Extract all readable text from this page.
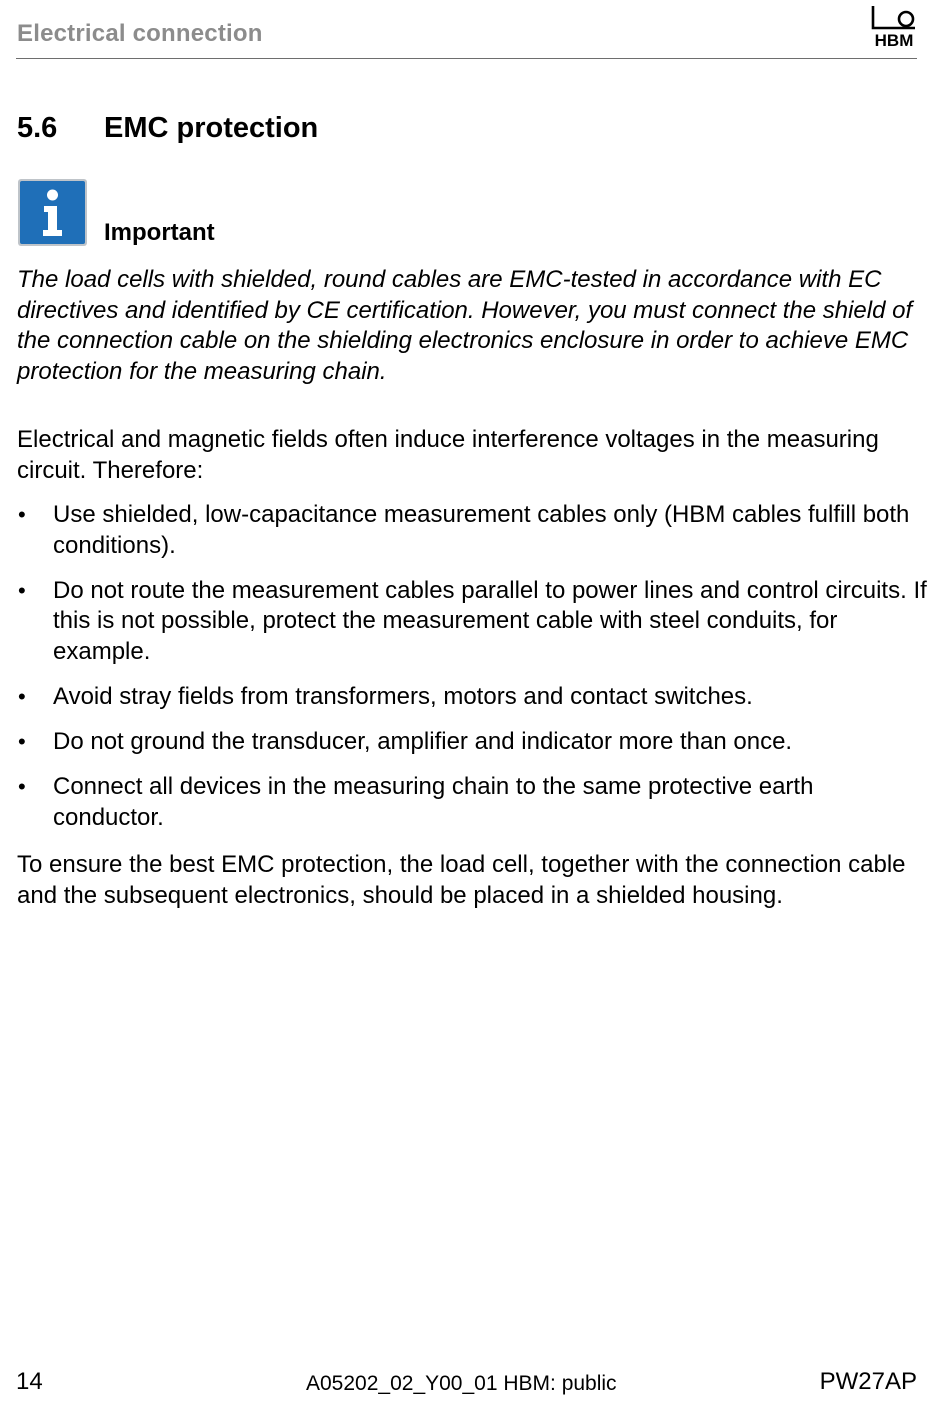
Electrical connection	HBM
5.6 EMC protection
Important

The load cells with shielded, round cables are EMC-tested in accordance with EC directives and identified by CE certification. However, you must connect the shield of the connection cable on the shielding electronics enclosure in order to achieve EMC protection for the measuring chain.

Electrical and magnetic fields often induce interference voltages in the measuring circuit. Therefore:

• Use shielded, low-capacitance measurement cables only (HBM cables fulfill both conditions).
• Do not route the measurement cables parallel to power lines and control circuits. If this is not possible, protect the measurement cable with steel conduits, for example.
• Avoid stray fields from transformers, motors and contact switches.
• Do not ground the transducer, amplifier and indicator more than once.
• Connect all devices in the measuring chain to the same protective earth conductor.

To ensure the best EMC protection, the load cell, together with the connection cable and the subsequent electronics, should be placed in a shielded housing.

14	A05202_02_Y00_01 HBM: public	PW27AP
